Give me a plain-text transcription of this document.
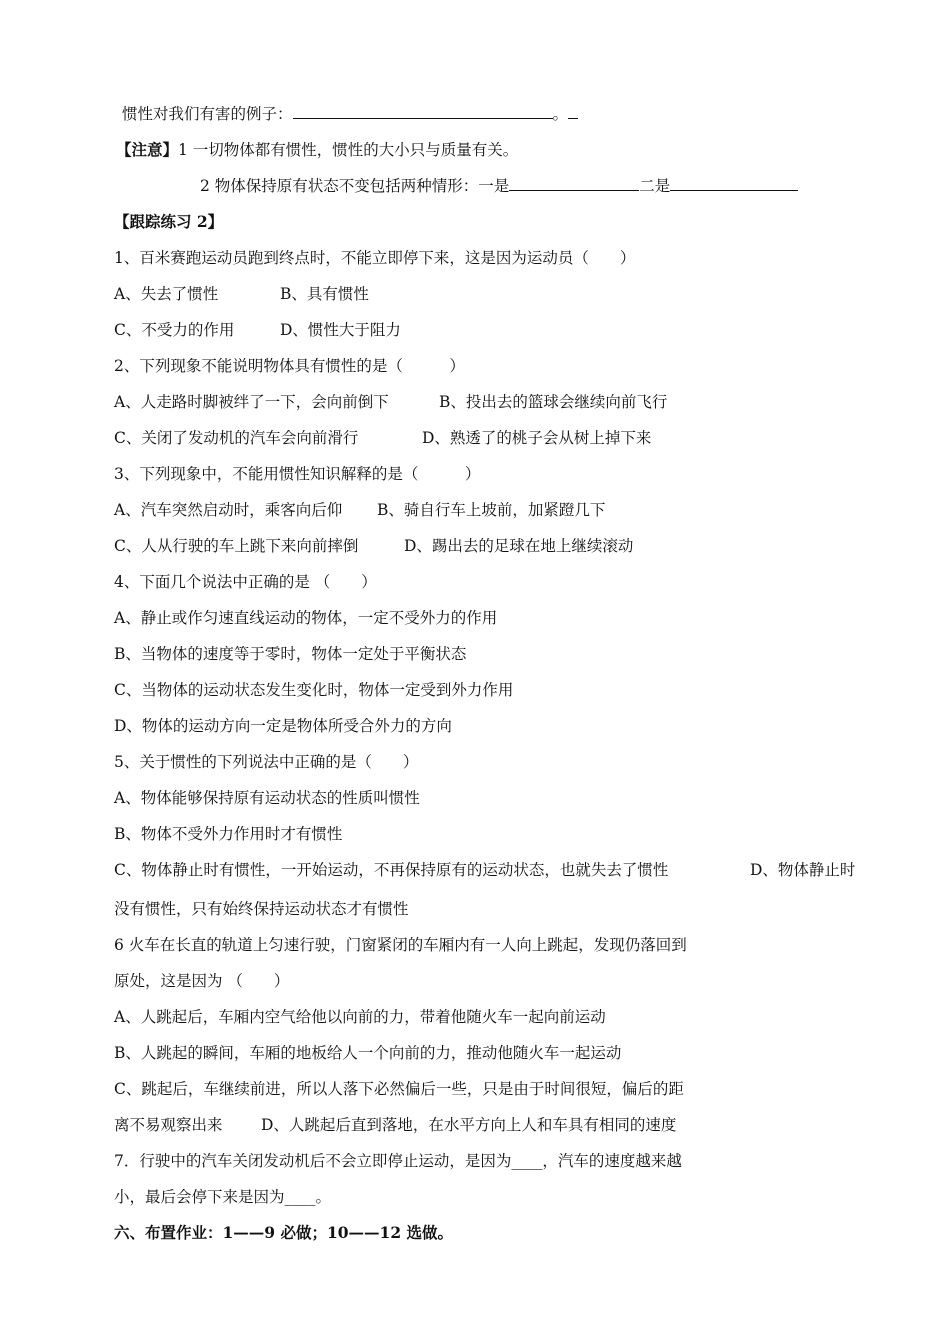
惯性对我们有害的例子：	。
【注意】1 一切物体都有惯性，惯性的大小只与质量有关。
2 物体保持原有状态不变包括两种情形：一是	二是
【跟踪练习 2】
1、百米赛跑运动员跑到终点时，不能立即停下来，这是因为运动员（　　）
A、失去了惯性	B、具有惯性
C、不受力的作用	D、惯性大于阻力
2、下列现象不能说明物体具有惯性的是（　　　）
A、人走路时脚被绊了一下，会向前倒下	B、投出去的篮球会继续向前飞行
C、关闭了发动机的汽车会向前滑行	D、熟透了的桃子会从树上掉下来
3、下列现象中，不能用惯性知识解释的是（　　　）
A、汽车突然启动时，乘客向后仰 B、骑自行车上坡前，加紧蹬几下
C、人从行驶的车上跳下来向前摔倒	D、踢出去的足球在地上继续滚动
4、下面几个说法中正确的是 （　　）
A、静止或作匀速直线运动的物体，一定不受外力的作用
B、当物体的速度等于零时，物体一定处于平衡状态
C、当物体的运动状态发生变化时，物体一定受到外力作用
D、物体的运动方向一定是物体所受合外力的方向
5、关于惯性的下列说法中正确的是（　　）
A、物体能够保持原有运动状态的性质叫惯性
B、物体不受外力作用时才有惯性
C、物体静止时有惯性，一开始运动，不再保持原有的运动状态，也就失去了惯性	D、物体静止时
没有惯性，只有始终保持运动状态才有惯性
6 火车在长直的轨道上匀速行驶，门窗紧闭的车厢内有一人向上跳起，发现仍落回到
原处，这是因为 （　　）
A、人跳起后，车厢内空气给他以向前的力，带着他随火车一起向前运动
B、人跳起的瞬间，车厢的地板给人一个向前的力，推动他随火车一起运动
C、跳起后，车继续前进，所以人落下必然偏后一些，只是由于时间很短，偏后的距
离不易观察出来 D、人跳起后直到落地，在水平方向上人和车具有相同的速度
7．行驶中的汽车关闭发动机后不会立即停止运动，是因为____，汽车的速度越来越
小，最后会停下来是因为____。
六、布置作业：1——9 必做；10——12 选做。
